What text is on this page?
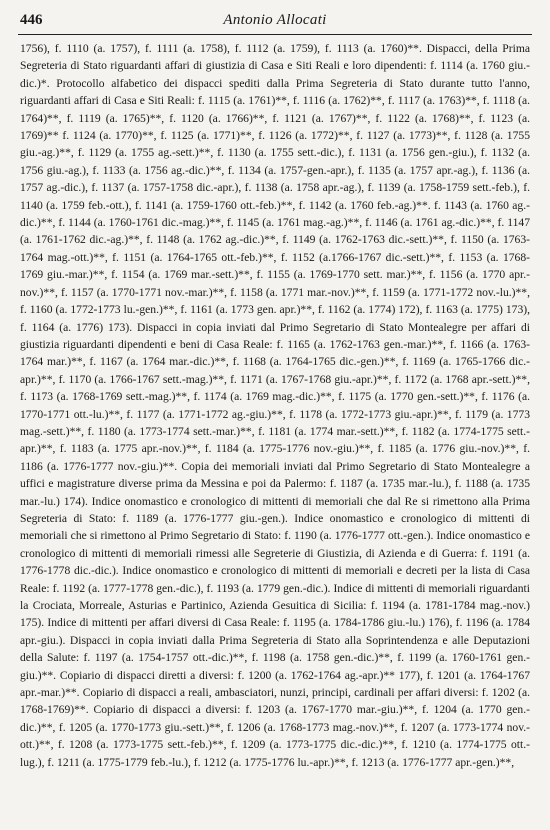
446	Antonio Allocati

1756), f. 1110 (a. 1757), f. 1111 (a. 1758), f. 1112 (a. 1759), f. 1113 (a. 1760)**. Dispacci, della Prima Segreteria di Stato riguardanti affari di giustizia di Casa e Siti Reali e loro dipendenti: f. 1114 (a. 1760 giu.-dic.)*. Protocollo alfabetico dei dispacci spediti dalla Prima Segreteria di Stato durante tutto l'anno, riguardanti affari di Casa e Siti Reali: f. 1115 (a. 1761)**, f. 1116 (a. 1762)**, f. 1117 (a. 1763)**, f. 1118 (a. 1764)**, f. 1119 (a. 1765)**, f. 1120 (a. 1766)**, f. 1121 (a. 1767)**, f. 1122 (a. 1768)**, f. 1123 (a. 1769)** f. 1124 (a. 1770)**, f. 1125 (a. 1771)**, f. 1126 (a. 1772)**, f. 1127 (a. 1773)**, f. 1128 (a. 1755 giu.-ag.)**, f. 1129 (a. 1755 ag.-sett.)**, f. 1130 (a. 1755 sett.-dic.), f. 1131 (a. 1756 gen.-giu.), f. 1132 (a. 1756 giu.-ag.), f. 1133 (a. 1756 ag.-dic.)**, f. 1134 (a. 1757-gen.-apr.), f. 1135 (a. 1757 apr.-ag.), f. 1136 (a. 1757 ag.-dic.), f. 1137 (a. 1757-1758 dic.-apr.), f. 1138 (a. 1758 apr.-ag.), f. 1139 (a. 1758-1759 sett.-feb.), f. 1140 (a. 1759 feb.-ott.), f. 1141 (a. 1759-1760 ott.-feb.)**, f. 1142 (a. 1760 feb.-ag.)**. f. 1143 (a. 1760 ag.-dic.)**, f. 1144 (a. 1760-1761 dic.-mag.)**, f. 1145 (a. 1761 mag.-ag.)**, f. 1146 (a. 1761 ag.-dic.)**, f. 1147 (a. 1761-1762 dic.-ag.)**, f. 1148 (a. 1762 ag.-dic.)**, f. 1149 (a. 1762-1763 dic.-sett.)**, f. 1150 (a. 1763-1764 mag.-ott.)**, f. 1151 (a. 1764-1765 ott.-feb.)**, f. 1152 (a.1766-1767 dic.-sett.)**, f. 1153 (a. 1768-1769 giu.-mar.)**, f. 1154 (a. 1769 mar.-sett.)**, f. 1155 (a. 1769-1770 sett. mar.)**, f. 1156 (a. 1770 apr.-nov.)**, f. 1157 (a. 1770-1771 nov.-mar.)**, f. 1158 (a. 1771 mar.-nov.)**, f. 1159 (a. 1771-1772 nov.-lu.)**, f. 1160 (a. 1772-1773 lu.-gen.)**, f. 1161 (a. 1773 gen. apr.)**, f. 1162 (a. 1774) 172), f. 1163 (a. 1775) 173), f. 1164 (a. 1776) 173). Dispacci in copia inviati dal Primo Segretario di Stato Montealegre per affari di giustizia riguardanti dipendenti e beni di Casa Reale: f. 1165 (a. 1762-1763 gen.-mar.)**, f. 1166 (a. 1763-1764 mar.)**, f. 1167 (a. 1764 mar.-dic.)**, f. 1168 (a. 1764-1765 dic.-gen.)**, f. 1169 (a. 1765-1766 dic.-apr.)**, f. 1170 (a. 1766-1767 sett.-mag.)**, f. 1171 (a. 1767-1768 giu.-apr.)**, f. 1172 (a. 1768 apr.-sett.)**, f. 1173 (a. 1768-1769 sett.-mag.)**, f. 1174 (a. 1769 mag.-dic.)**, f. 1175 (a. 1770 gen.-sett.)**, f. 1176 (a. 1770-1771 ott.-lu.)**, f. 1177 (a. 1771-1772 ag.-giu.)**, f. 1178 (a. 1772-1773 giu.-apr.)**, f. 1179 (a. 1773 mag.-sett.)**, f. 1180 (a. 1773-1774 sett.-mar.)**, f. 1181 (a. 1774 mar.-sett.)**, f. 1182 (a. 1774-1775 sett.-apr.)**, f. 1183 (a. 1775 apr.-nov.)**, f. 1184 (a. 1775-1776 nov.-giu.)**, f. 1185 (a. 1776 giu.-nov.)**, f. 1186 (a. 1776-1777 nov.-giu.)**. Copia dei memoriali inviati dal Primo Segretario di Stato Montealegre a uffici e magistrature diverse prima da Messina e poi da Palermo: f. 1187 (a. 1735 mar.-lu.), f. 1188 (a. 1735 mar.-lu.) 174). Indice onomastico e cronologico di mittenti di memoriali che dal Re si rimettono alla Prima Segreteria di Stato: f. 1189 (a. 1776-1777 giu.-gen.). Indice onomastico e cronologico di mittenti di memoriali che si rimettono al Primo Segretario di Stato: f. 1190 (a. 1776-1777 ott.-gen.). Indice onomastico e cronologico di mittenti di memoriali rimessi alle Segreterie di Giustizia, di Azienda e di Guerra: f. 1191 (a. 1776-1778 dic.-dic.). Indice onomastico e cronologico di mittenti di memoriali e decreti per la lista di Casa Reale: f. 1192 (a. 1777-1778 gen.-dic.), f. 1193 (a. 1779 gen.-dic.). Indice di mittenti di memoriali riguardanti la Crociata, Morreale, Asturias e Partinico, Azienda Gesuitica di Sicilia: f. 1194 (a. 1781-1784 mag.-nov.) 175). Indice di mittenti per affari diversi di Casa Reale: f. 1195 (a. 1784-1786 giu.-lu.) 176), f. 1196 (a. 1784 apr.-giu.). Dispacci in copia inviati dalla Prima Segreteria di Stato alla Soprintendenza e alle Deputazioni della Salute: f. 1197 (a. 1754-1757 ott.-dic.)**, f. 1198 (a. 1758 gen.-dic.)**, f. 1199 (a. 1760-1761 gen.-giu.)**. Copiario di dispacci diretti a diversi: f. 1200 (a. 1762-1764 ag.-apr.)** 177), f. 1201 (a. 1764-1767 apr.-mar.)**. Copiario di dispacci a reali, ambasciatori, nunzi, principi, cardinali per affari diversi: f. 1202 (a. 1768-1769)**. Copiario di dispacci a diversi: f. 1203 (a. 1767-1770 mar.-giu.)**, f. 1204 (a. 1770 gen.-dic.)**, f. 1205 (a. 1770-1773 giu.-sett.)**, f. 1206 (a. 1768-1773 mag.-nov.)**, f. 1207 (a. 1773-1774 nov.-ott.)**, f. 1208 (a. 1773-1775 sett.-feb.)**, f. 1209 (a. 1773-1775 dic.-dic.)**, f. 1210 (a. 1774-1775 ott.-lug.), f. 1211 (a. 1775-1779 feb.-lu.), f. 1212 (a. 1775-1776 lu.-apr.)**, f. 1213 (a. 1776-1777 apr.-gen.)**,
